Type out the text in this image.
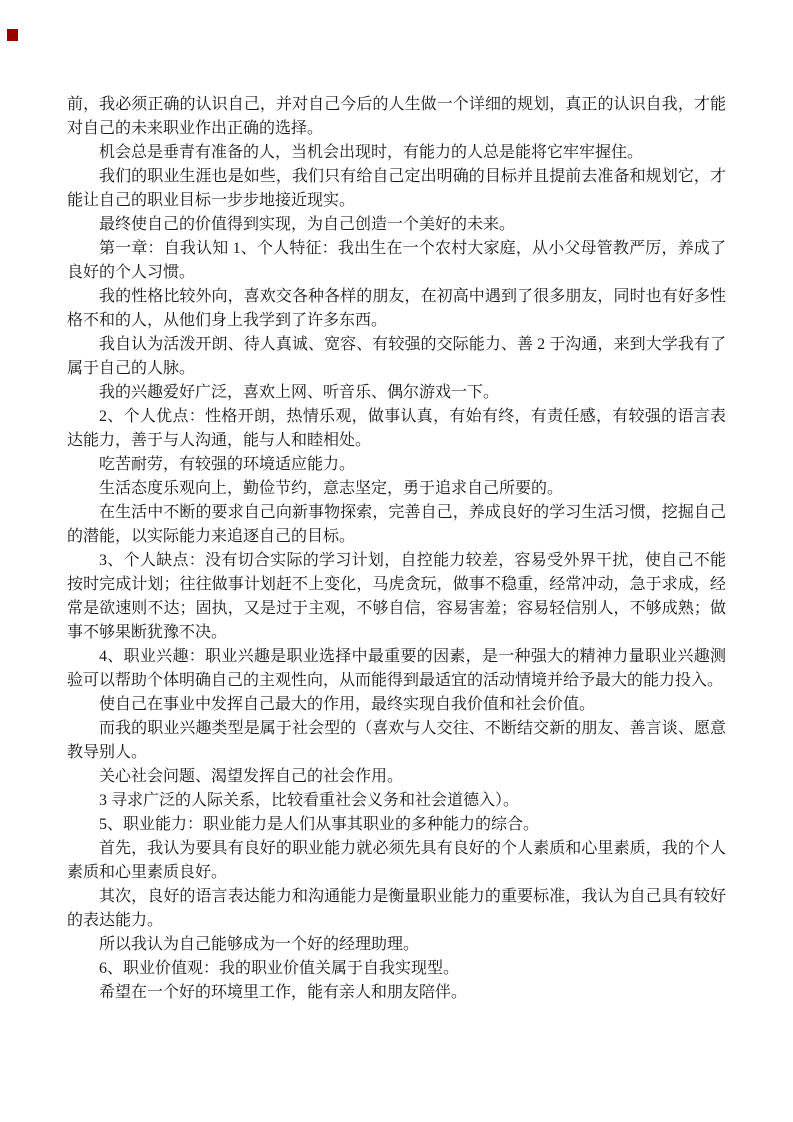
前，我必须正确的认识自己，并对自己今后的人生做一个详细的规划，真正的认识自我，才能对自己的未来职业作出正确的选择。

机会总是垂青有准备的人，当机会出现时，有能力的人总是能将它牢牢握住。

我们的职业生涯也是如些，我们只有给自己定出明确的目标并且提前去准备和规划它，才能让自己的职业目标一步步地接近现实。

最终使自己的价值得到实现，为自己创造一个美好的未来。

第一章：自我认知 1、个人特征：我出生在一个农村大家庭，从小父母管教严厉，养成了良好的个人习惯。

我的性格比较外向，喜欢交各种各样的朋友，在初高中遇到了很多朋友，同时也有好多性格不和的人，从他们身上我学到了许多东西。

我自认为活泼开朗、待人真诚、宽容、有较强的交际能力、善 2 于沟通，来到大学我有了属于自己的人脉。

我的兴趣爱好广泛，喜欢上网、听音乐、偶尔游戏一下。

2、个人优点：性格开朗，热情乐观，做事认真，有始有终，有责任感，有较强的语言表达能力，善于与人沟通，能与人和睦相处。

吃苦耐劳，有较强的环境适应能力。

生活态度乐观向上，勤俭节约，意志坚定，勇于追求自己所要的。

在生活中不断的要求自己向新事物探索，完善自己，养成良好的学习生活习惯，挖掘自己的潜能，以实际能力来追逐自己的目标。

3、个人缺点：没有切合实际的学习计划，自控能力较差，容易受外界干扰，使自己不能按时完成计划；往往做事计划赶不上变化，马虎贪玩，做事不稳重，经常冲动，急于求成，经常是欲速则不达；固执，又是过于主观，不够自信，容易害羞；容易轻信别人，不够成熟；做事不够果断犹豫不决。

4、职业兴趣：职业兴趣是职业选择中最重要的因素，是一种强大的精神力量职业兴趣测验可以帮助个体明确自己的主观性向，从而能得到最适宜的活动情境并给予最大的能力投入。

使自己在事业中发挥自己最大的作用，最终实现自我价值和社会价值。

而我的职业兴趣类型是属于社会型的（喜欢与人交往、不断结交新的朋友、善言谈、愿意教导别人。

关心社会问题、渴望发挥自己的社会作用。

3 寻求广泛的人际关系，比较看重社会义务和社会道德入）。

5、职业能力：职业能力是人们从事其职业的多种能力的综合。

首先，我认为要具有良好的职业能力就必须先具有良好的个人素质和心里素质，我的个人素质和心里素质良好。

其次，良好的语言表达能力和沟通能力是衡量职业能力的重要标准，我认为自己具有较好的表达能力。

所以我认为自己能够成为一个好的经理助理。

6、职业价值观：我的职业价值关属于自我实现型。

希望在一个好的环境里工作，能有亲人和朋友陪伴。
